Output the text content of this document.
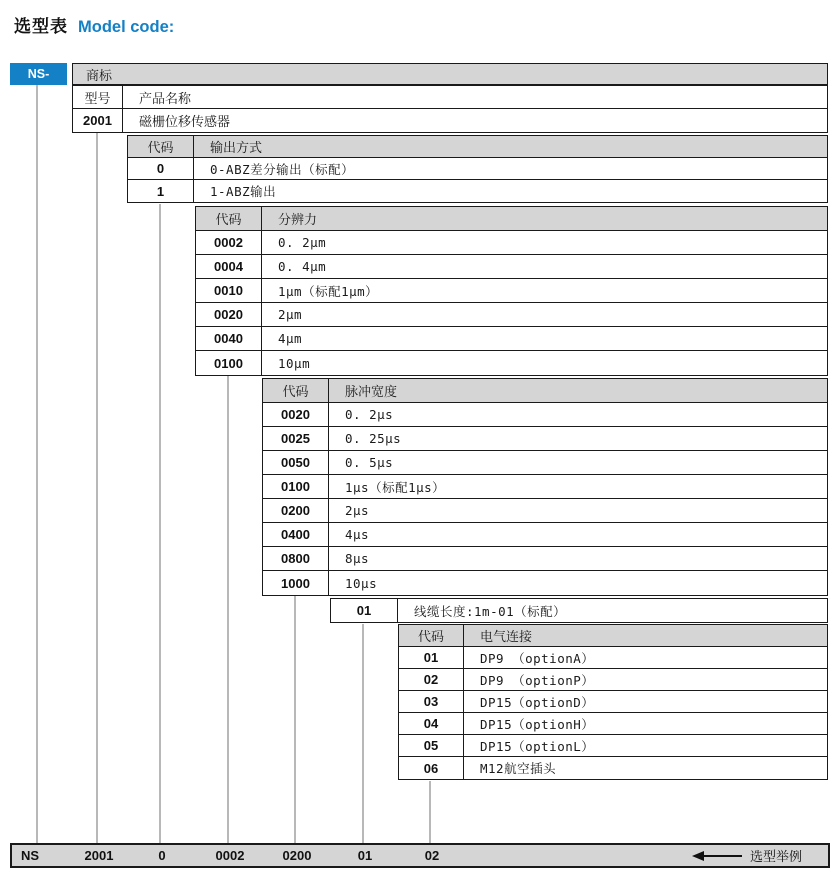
选型表 Model code:
NS-	商标
型号	产品名称
2001	磁栅位移传感器
代码	输出方式
0	0-ABZ差分输出（标配）
1	1-ABZ输出
代码	分辨力
0002	0. 2μm
0004	0. 4μm
0010	1μm（标配1μm）
0020	2μm
0040	4μm
0100	10μm
代码	脉冲宽度
0020	0. 2μs
0025	0. 25μs
0050	0. 5μs
0100	1μs（标配1μs）
0200	2μs
0400	4μs
0800	8μs
1000	10μs
01	线缆长度:1m-01（标配）
代码	电气连接
01	DP9 （optionA）
02	DP9 （optionP）
03	DP15（optionD）
04	DP15（optionH）
05	DP15（optionL）
06	M12航空插头
NS	2001	0	0002	0200	01	02	选型举例
